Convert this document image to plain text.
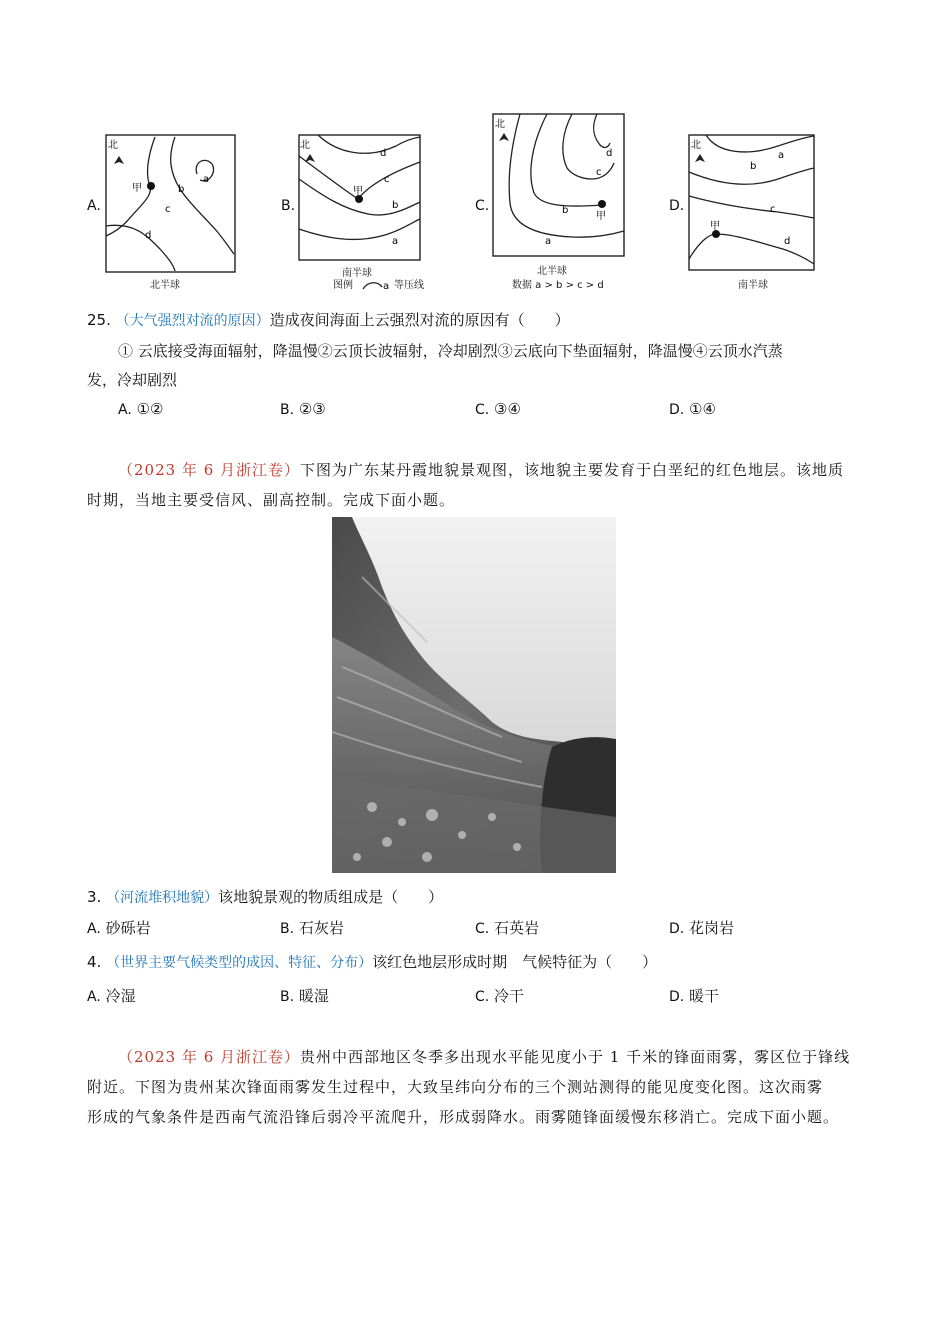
A.
北
甲
a
b
c
d
北半球
B.
北
甲
d
c
b
a
南半球
图例	a 等压线
C.
北
甲
d
c
b
a
北半球
数据 a > b > c > d
D.
北
甲
a
b
c
d
南半球
25. （大气强烈对流的原因）造成夜间海面上云强烈对流的原因有（　　）
① 云底接受海面辐射，降温慢②云顶长波辐射，冷却剧烈③云底向下垫面辐射，降温慢④云顶水汽蒸
发，冷却剧烈
A. ①②	B. ②③	C. ③④	D. ①④
（2023 年 6 月浙江卷）下图为广东某丹霞地貌景观图，该地貌主要发育于白垩纪的红色地层。该地质
时期，当地主要受信风、副高控制。完成下面小题。
3. （河流堆积地貌）该地貌景观的物质组成是（　　）
A. 砂砾岩	B. 石灰岩	C. 石英岩	D. 花岗岩
4. （世界主要气候类型的成因、特征、分布）该红色地层形成时期　气候特征为（　　）
A. 冷湿	B. 暖湿	C. 冷干	D. 暖干
（2023 年 6 月浙江卷）贵州中西部地区冬季多出现水平能见度小于 1 千米的锋面雨雾，雾区位于锋线
附近。下图为贵州某次锋面雨雾发生过程中，大致呈纬向分布的三个测站测得的能见度变化图。这次雨雾
形成的气象条件是西南气流沿锋后弱冷平流爬升，形成弱降水。雨雾随锋面缓慢东移消亡。完成下面小题。
